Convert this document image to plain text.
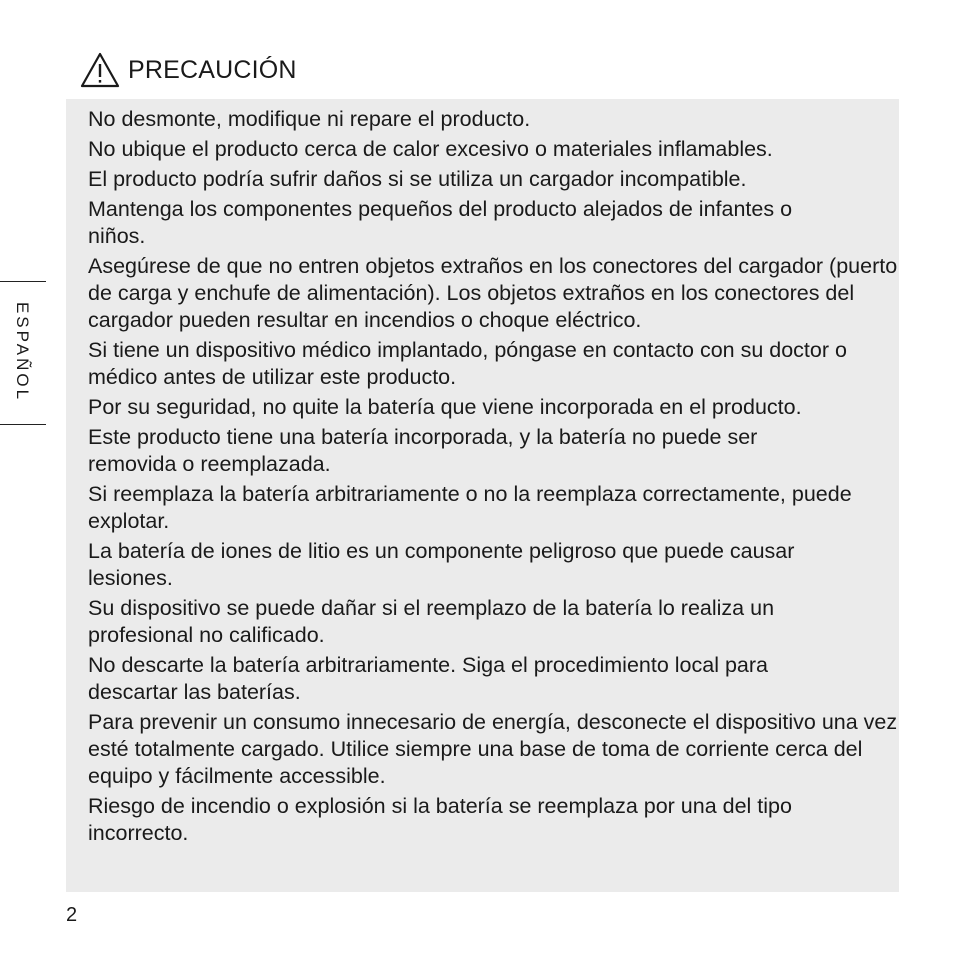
PRECAUCIÓN
ESPAÑOL
No desmonte, modifique ni repare el producto.
No ubique el producto cerca de calor excesivo o materiales inflamables.
El producto podría sufrir daños si se utiliza un cargador incompatible.
Mantenga los componentes pequeños del producto alejados de infantes o niños.
Asegúrese de que no entren objetos extraños en los conectores del cargador (puerto de carga y enchufe de alimentación). Los objetos extraños en los conectores del cargador pueden resultar en incendios o choque eléctrico.
Si tiene un dispositivo médico implantado, póngase en contacto con su doctor o médico antes de utilizar este producto.
Por su seguridad, no quite la batería que viene incorporada en el producto.
Este producto tiene una batería incorporada, y la batería no puede ser removida o reemplazada.
Si reemplaza la batería arbitrariamente o no la reemplaza correctamente, puede explotar.
La batería de iones de litio es un componente peligroso que puede causar lesiones.
Su dispositivo se puede dañar si el reemplazo de la batería lo realiza un profesional no calificado.
No descarte la batería arbitrariamente. Siga el procedimiento local para descartar las baterías.
Para prevenir un consumo innecesario de energía, desconecte el dispositivo una vez esté totalmente cargado. Utilice siempre una base de toma de corriente cerca del equipo y fácilmente accessible.
Riesgo de incendio o explosión si la batería se reemplaza por una del tipo incorrecto.
2
